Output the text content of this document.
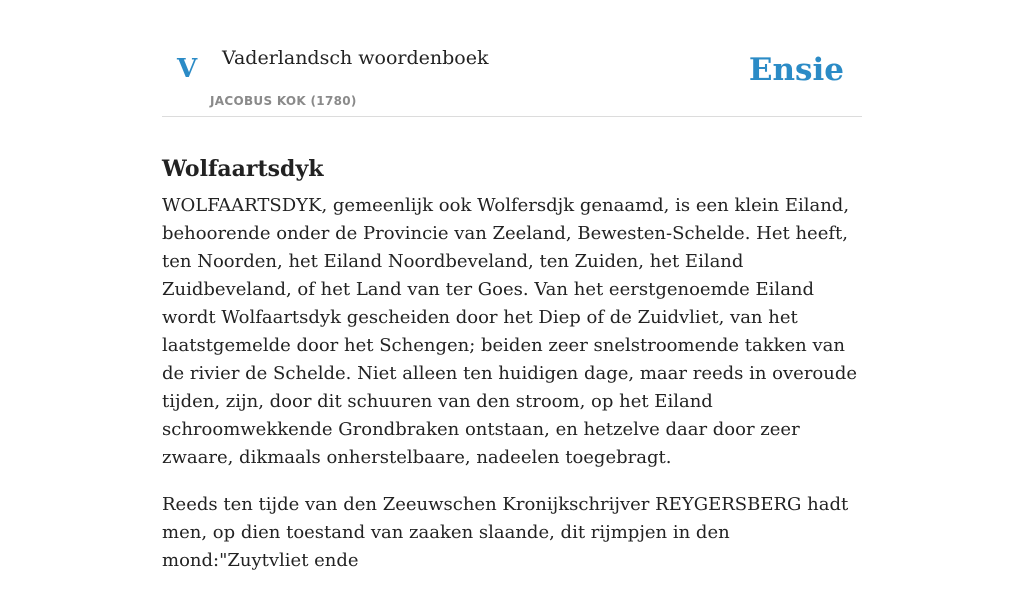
V Vaderlandsch woordenboek
JACOBUS KOK (1780)
Ensie
Wolfaartsdyk

WOLFAARTSDYK, gemeenlijk ook Wolfersdjk genaamd, is een klein Eiland, behoorende onder de Provincie van Zeeland, Bewesten-Schelde. Het heeft, ten Noorden, het Eiland Noordbeveland, ten Zuiden, het Eiland Zuidbeveland, of het Land van ter Goes. Van het eerstgenoemde Eiland wordt Wolfaartsdyk gescheiden door het Diep of de Zuidvliet, van het laatstgemelde door het Schengen; beiden zeer snelstroomende takken van de rivier de Schelde. Niet alleen ten huidigen dage, maar reeds in overoude tijden, zijn, door dit schuuren van den stroom, op het Eiland schroomwekkende Grondbraken ontstaan, en hetzelve daar door zeer zwaare, dikmaals onherstelbaare, nadeelen toegebragt.

Reeds ten tijde van den Zeeuwschen Kronijkschrijver REYGERSBERG hadt men, op dien toestand van zaaken slaande, dit rijmpjen in den mond:"Zuytvliet ende
